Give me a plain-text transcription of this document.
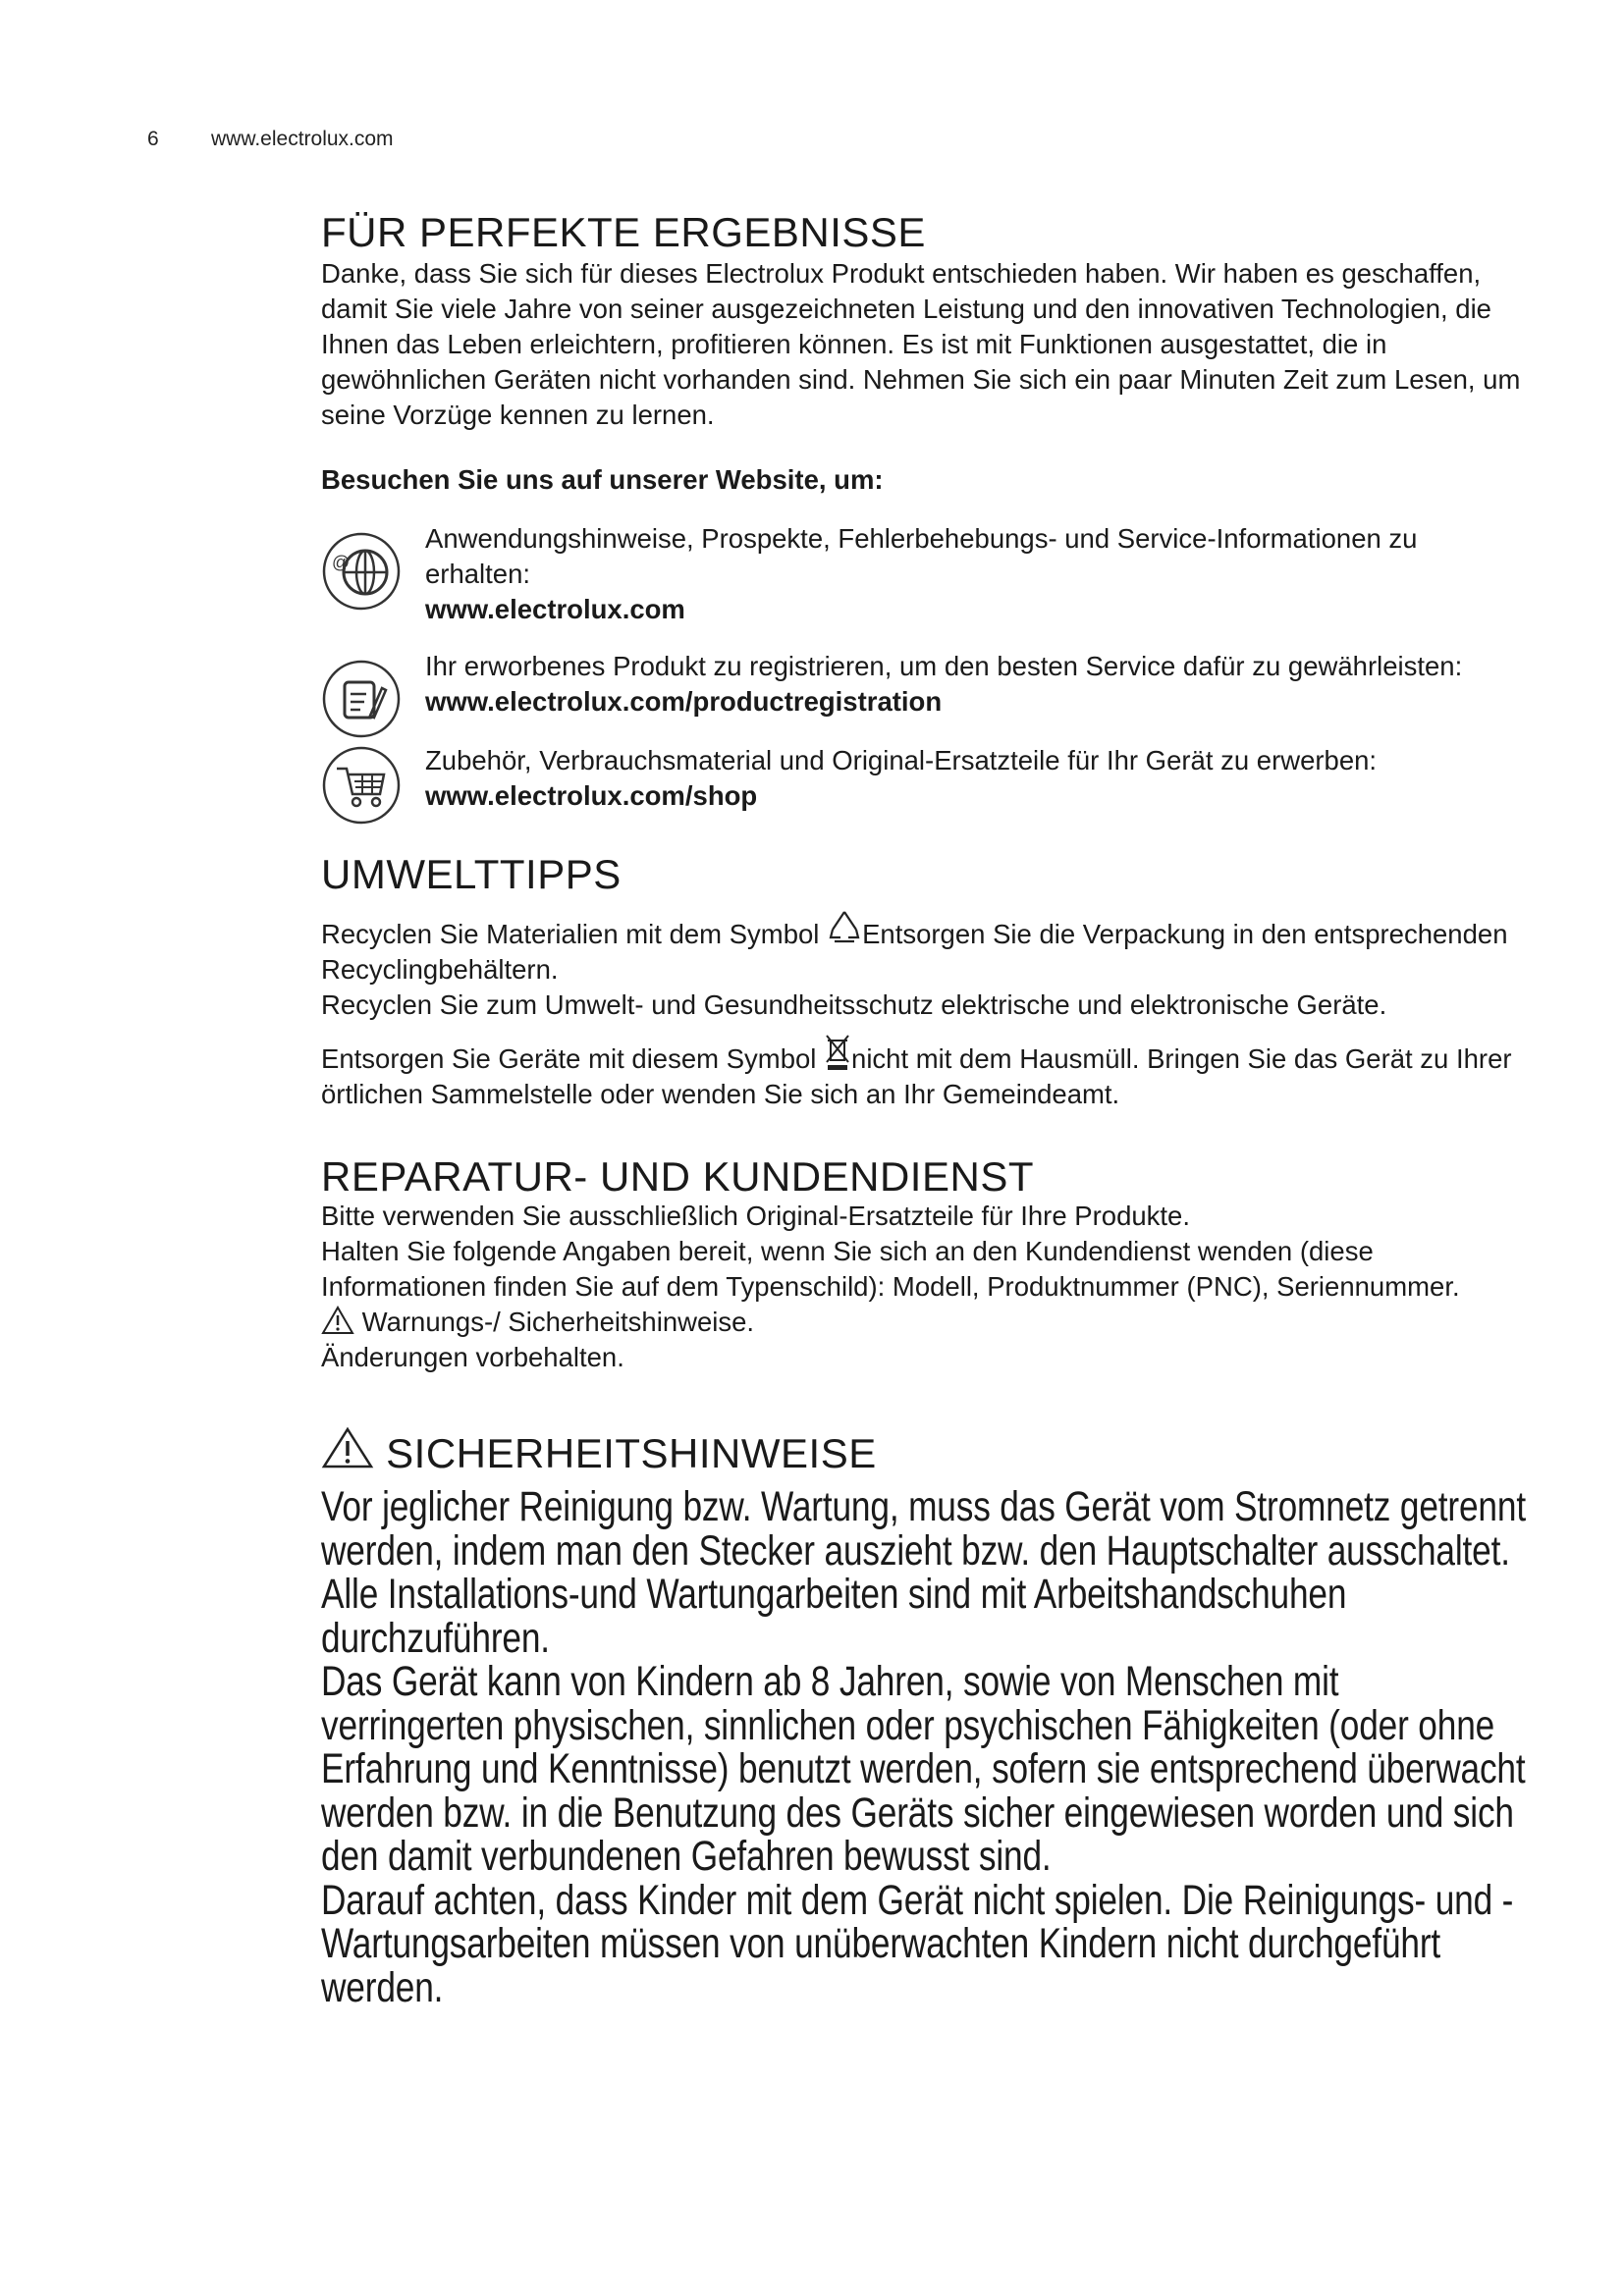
6	www.electrolux.com
FÜR PERFEKTE ERGEBNISSE

Danke, dass Sie sich für dieses Electrolux Produkt entschieden haben. Wir haben es geschaffen, damit Sie viele Jahre von seiner ausgezeichneten Leistung und den innovativen Technologien, die Ihnen das Leben erleichtern, profitieren können. Es ist mit Funktionen ausgestattet, die in gewöhnlichen Geräten nicht vorhanden sind. Nehmen Sie sich ein paar Minuten Zeit zum Lesen, um seine Vorzüge kennen zu lernen.

Besuchen Sie uns auf unserer Website, um:

@
Anwendungshinweise, Prospekte, Fehlerbehebungs- und Service-Informationen zu erhalten:
www.electrolux.com
Ihr erworbenes Produkt zu registrieren, um den besten Service dafür zu gewährleisten:
www.electrolux.com/productregistration
Zubehör, Verbrauchsmaterial und Original-Ersatzteile für Ihr Gerät zu erwerben:
www.electrolux.com/shop
UMWELTTIPPS

Recyclen Sie Materialien mit dem Symbol Entsorgen Sie die Verpackung in den entsprechenden Recyclingbehältern.

Recyclen Sie zum Umwelt- und Gesundheitsschutz elektrische und elektronische Geräte.

Entsorgen Sie Geräte mit diesem Symbol nicht mit dem Hausmüll. Bringen Sie das Gerät zu Ihrer örtlichen Sammelstelle oder wenden Sie sich an Ihr Gemeindeamt.

REPARATUR- UND KUNDENDIENST

Bitte verwenden Sie ausschließlich Original-Ersatzteile für Ihre Produkte.

Halten Sie folgende Angaben bereit, wenn Sie sich an den Kundendienst wenden (diese Informationen finden Sie auf dem Typenschild): Modell, Produktnummer (PNC), Seriennummer.

Warnungs-/ Sicherheitshinweise.

Änderungen vorbehalten.

SICHERHEITSHINWEISE

Vor jeglicher Reinigung bzw. Wartung, muss das Gerät vom Stromnetz getrennt werden, indem man den Stecker auszieht bzw. den Hauptschalter ausschaltet.

Alle Installations-und Wartungarbeiten sind mit Arbeitshandschuhen durchzuführen.

Das Gerät kann von Kindern ab 8 Jahren, sowie von Menschen mit verringerten physischen, sinnlichen oder psychischen Fähigkeiten (oder ohne Erfahrung und Kenntnisse) benutzt werden, sofern sie entsprechend überwacht werden bzw. in die Benutzung des Geräts sicher eingewiesen worden und sich den damit verbundenen Gefahren bewusst sind.

Darauf achten, dass Kinder mit dem Gerät nicht spielen. Die Reinigungs- und -Wartungsarbeiten müssen von unüberwachten Kindern nicht durchgeführt werden.
